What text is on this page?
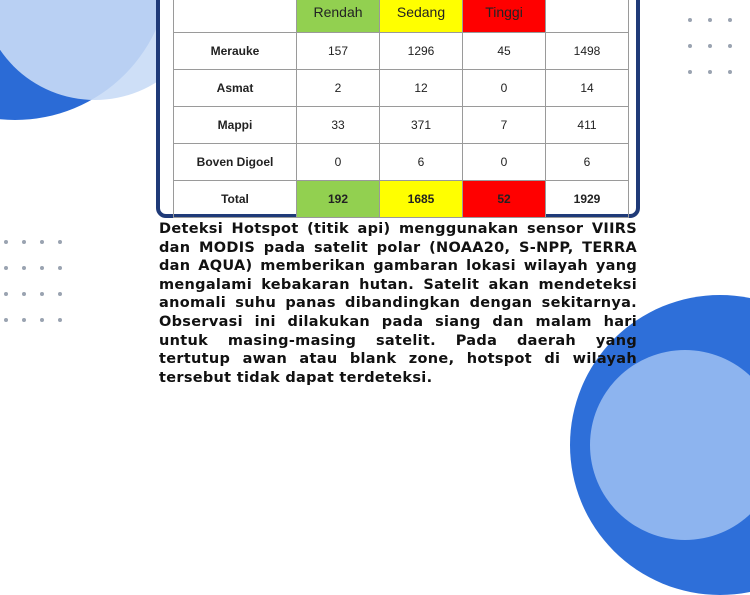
	Rendah	Sedang	Tinggi	
Merauke	157	1296	45	1498
Asmat	2	12	0	14
Mappi	33	371	7	411
Boven Digoel	0	6	0	6
Total	192	1685	52	1929

Deteksi Hotspot (titik api) menggunakan sensor VIIRS dan MODIS pada satelit polar (NOAA20, S-NPP, TERRA dan AQUA) memberikan gambaran lokasi wilayah yang mengalami kebakaran hutan. Satelit akan mendeteksi anomali suhu panas dibandingkan dengan sekitarnya. Observasi ini dilakukan pada siang dan malam hari untuk masing-masing satelit. Pada daerah yang tertutup awan atau blank zone, hotspot di wilayah tersebut tidak dapat terdeteksi.
